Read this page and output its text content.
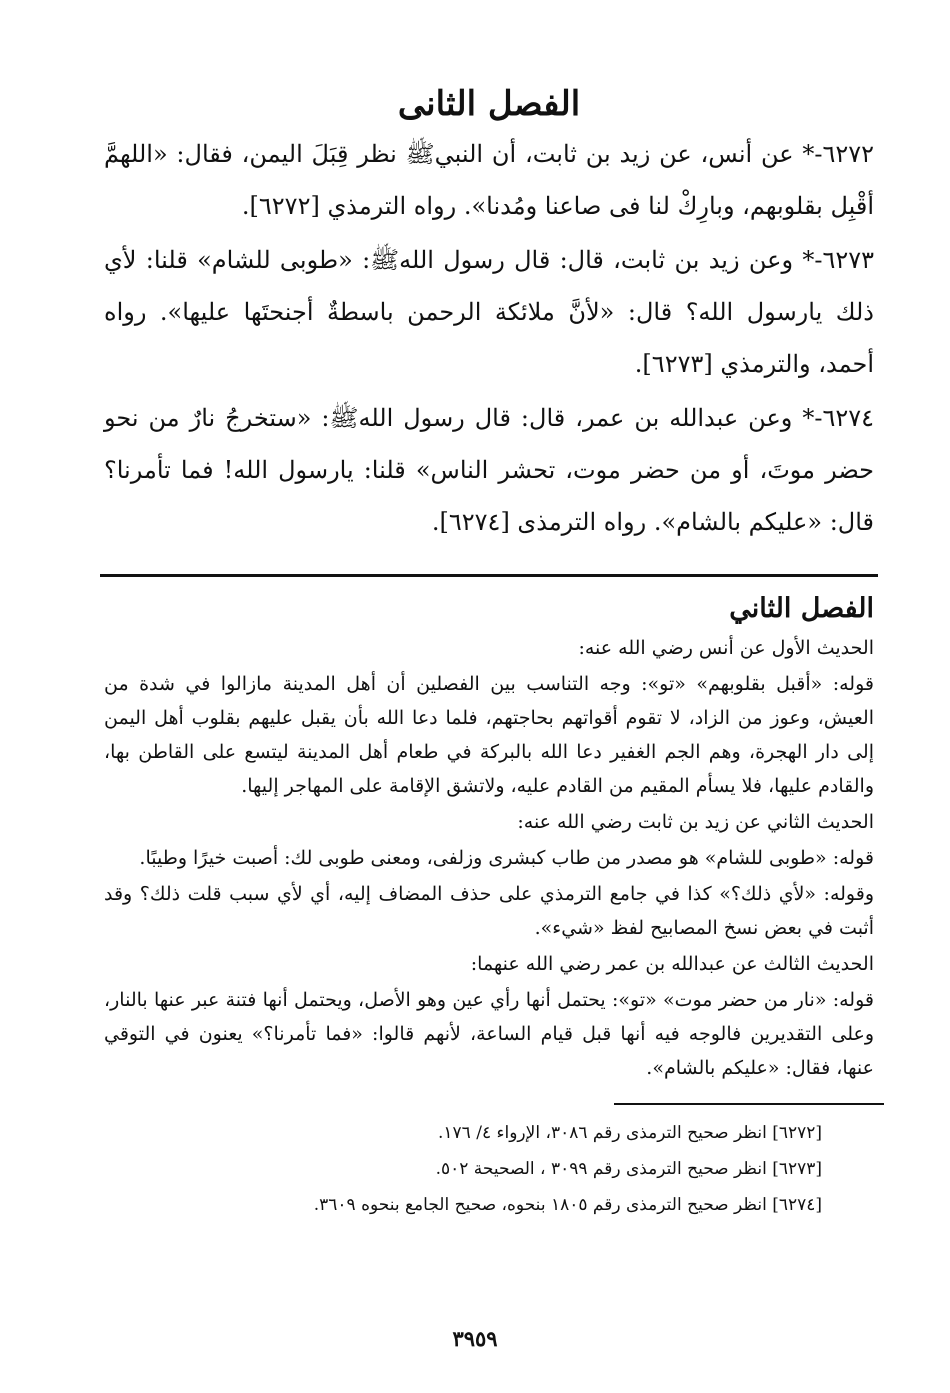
الفصل الثانى

٦٢٧٢-* عن أنس، عن زيد بن ثابت، أن النبيﷺ نظر قِبَلَ اليمن، فقال: «اللهمَّ أقْبِل بقلوبهم، وبارِكْ لنا فى صاعنا ومُدنا». رواه الترمذي [٦٢٧٢].

٦٢٧٣-* وعن زيد بن ثابت، قال: قال رسول اللهﷺ: «طوبى للشام» قلنا: لأي ذلك يارسول الله؟ قال: «لأنَّ ملائكة الرحمن باسطةٌ أجنحتَها عليها». رواه أحمد، والترمذي [٦٢٧٣].

٦٢٧٤-* وعن عبدالله بن عمر، قال: قال رسول اللهﷺ: «ستخرجُ نارٌ من نحو حضر موتَ، أو من حضر موت، تحشر الناس» قلنا: يارسول الله! فما تأمرنا؟ قال: «عليكم بالشام». رواه الترمذى [٦٢٧٤].

الفصل الثاني

الحديث الأول عن أنس رضي الله عنه:

قوله: «أقبل بقلوبهم» «تو»: وجه التناسب بين الفصلين أن أهل المدينة مازالوا في شدة من العيش، وعوز من الزاد، لا تقوم أقواتهم بحاجتهم، فلما دعا الله بأن يقبل عليهم بقلوب أهل اليمن إلى دار الهجرة، وهم الجم الغفير دعا الله بالبركة في طعام أهل المدينة ليتسع على القاطن بها، والقادم عليها، فلا يسأم المقيم من القادم عليه، ولاتشق الإقامة على المهاجر إليها.

الحديث الثاني عن زيد بن ثابت رضي الله عنه:

قوله: «طوبى للشام» هو مصدر من طاب كبشرى وزلفى، ومعنى طوبى لك: أصبت خيرًا وطيبًا.

وقوله: «لأي ذلك؟» كذا في جامع الترمذي على حذف المضاف إليه، أي لأي سبب قلت ذلك؟ وقد أثبت في بعض نسخ المصابيح لفظ «شيء».

الحديث الثالث عن عبدالله بن عمر رضي الله عنهما:

قوله: «نار من حضر موت» «تو»: يحتمل أنها رأي عين وهو الأصل، ويحتمل أنها فتنة عبر عنها بالنار، وعلى التقديرين فالوجه فيه أنها قبل قيام الساعة، لأنهم قالوا: «فما تأمرنا؟» يعنون في التوقي عنها، فقال: «عليكم بالشام».

[٦٢٧٢] انظر صحيح الترمذى رقم ٣٠٨٦، الإرواء ٤/ ١٧٦.
[٦٢٧٣] انظر صحيح الترمذى رقم ٣٠٩٩ ، الصحيحة ٥٠٢.
[٦٢٧٤] انظر صحيح الترمذى رقم ١٨٠٥ بنحوه، صحيح الجامع بنحوه ٣٦٠٩.
٣٩٥٩
